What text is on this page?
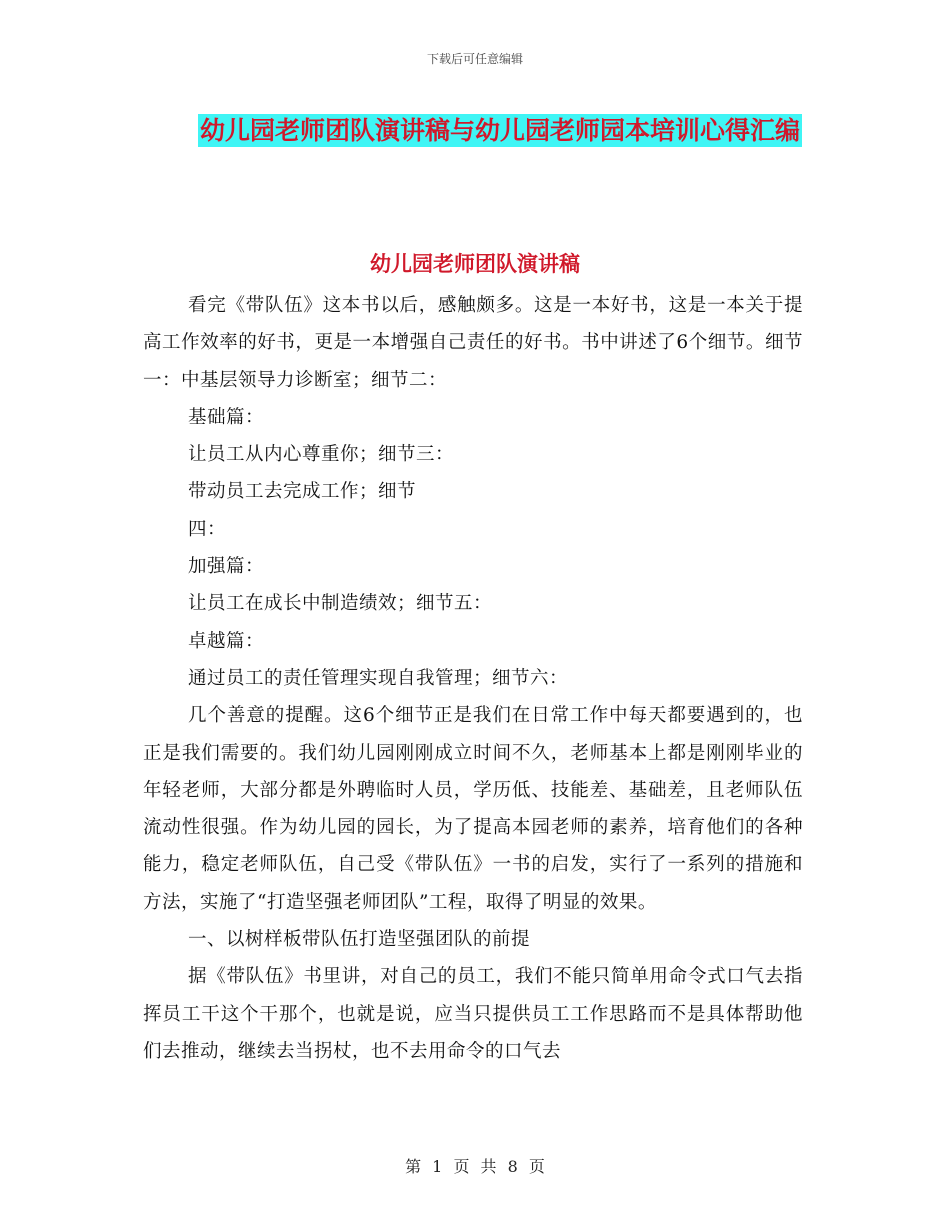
下载后可任意编辑
幼儿园老师团队演讲稿与幼儿园老师园本培训心得汇编
幼儿园老师团队演讲稿

看完《带队伍》这本书以后，感触颇多。这是一本好书，这是一本关于提高工作效率的好书，更是一本增强自己责任的好书。书中讲述了6个细节。细节一：中基层领导力诊断室；细节二：

基础篇：

让员工从内心尊重你；细节三：

带动员工去完成工作；细节

四：

加强篇：

让员工在成长中制造绩效；细节五：

卓越篇：

通过员工的责任管理实现自我管理；细节六：

几个善意的提醒。这6个细节正是我们在日常工作中每天都要遇到的，也正是我们需要的。我们幼儿园刚刚成立时间不久，老师基本上都是刚刚毕业的年轻老师，大部分都是外聘临时人员，学历低、技能差、基础差，且老师队伍流动性很强。作为幼儿园的园长，为了提高本园老师的素养，培育他们的各种能力，稳定老师队伍，自己受《带队伍》一书的启发，实行了一系列的措施和方法，实施了“打造坚强老师团队”工程，取得了明显的效果。

一、以树样板带队伍打造坚强团队的前提

据《带队伍》书里讲，对自己的员工，我们不能只简单用命令式口气去指挥员工干这个干那个，也就是说，应当只提供员工工作思路而不是具体帮助他们去推动，继续去当拐杖，也不去用命令的口气去

第 1 页 共 8 页
